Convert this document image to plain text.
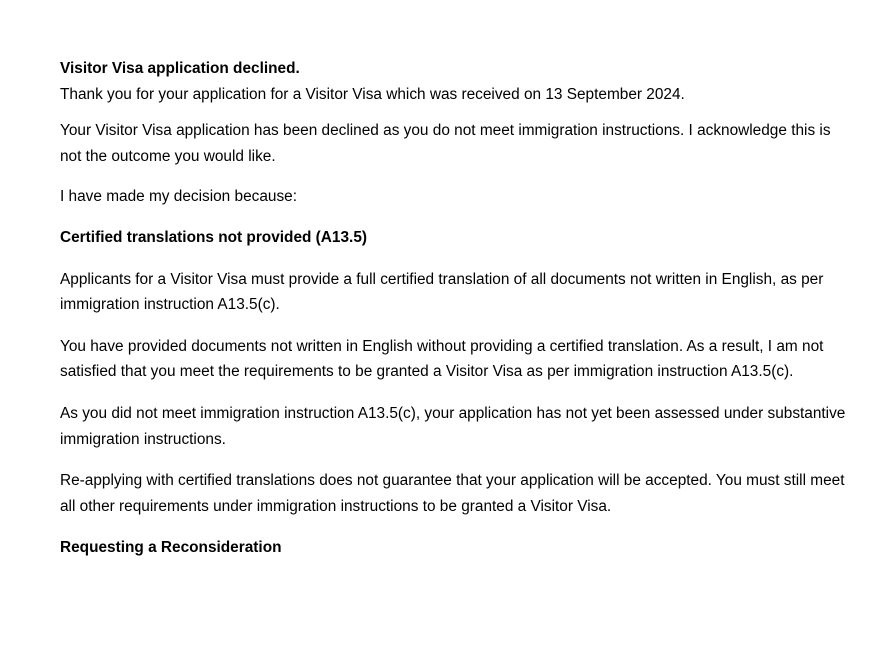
Visitor Visa application declined.

Thank you for your application for a Visitor Visa which was received on 13 September 2024.

Your Visitor Visa application has been declined as you do not meet immigration instructions. I acknowledge this is not the outcome you would like.

I have made my decision because:

Certified translations not provided (A13.5)

Applicants for a Visitor Visa must provide a full certified translation of all documents not written in English, as per immigration instruction A13.5(c).

You have provided documents not written in English without providing a certified translation. As a result, I am not satisfied that you meet the requirements to be granted a Visitor Visa as per immigration instruction A13.5(c).

As you did not meet immigration instruction A13.5(c), your application has not yet been assessed under substantive immigration instructions.

Re-applying with certified translations does not guarantee that your application will be accepted. You must still meet all other requirements under immigration instructions to be granted a Visitor Visa.

Requesting a Reconsideration
